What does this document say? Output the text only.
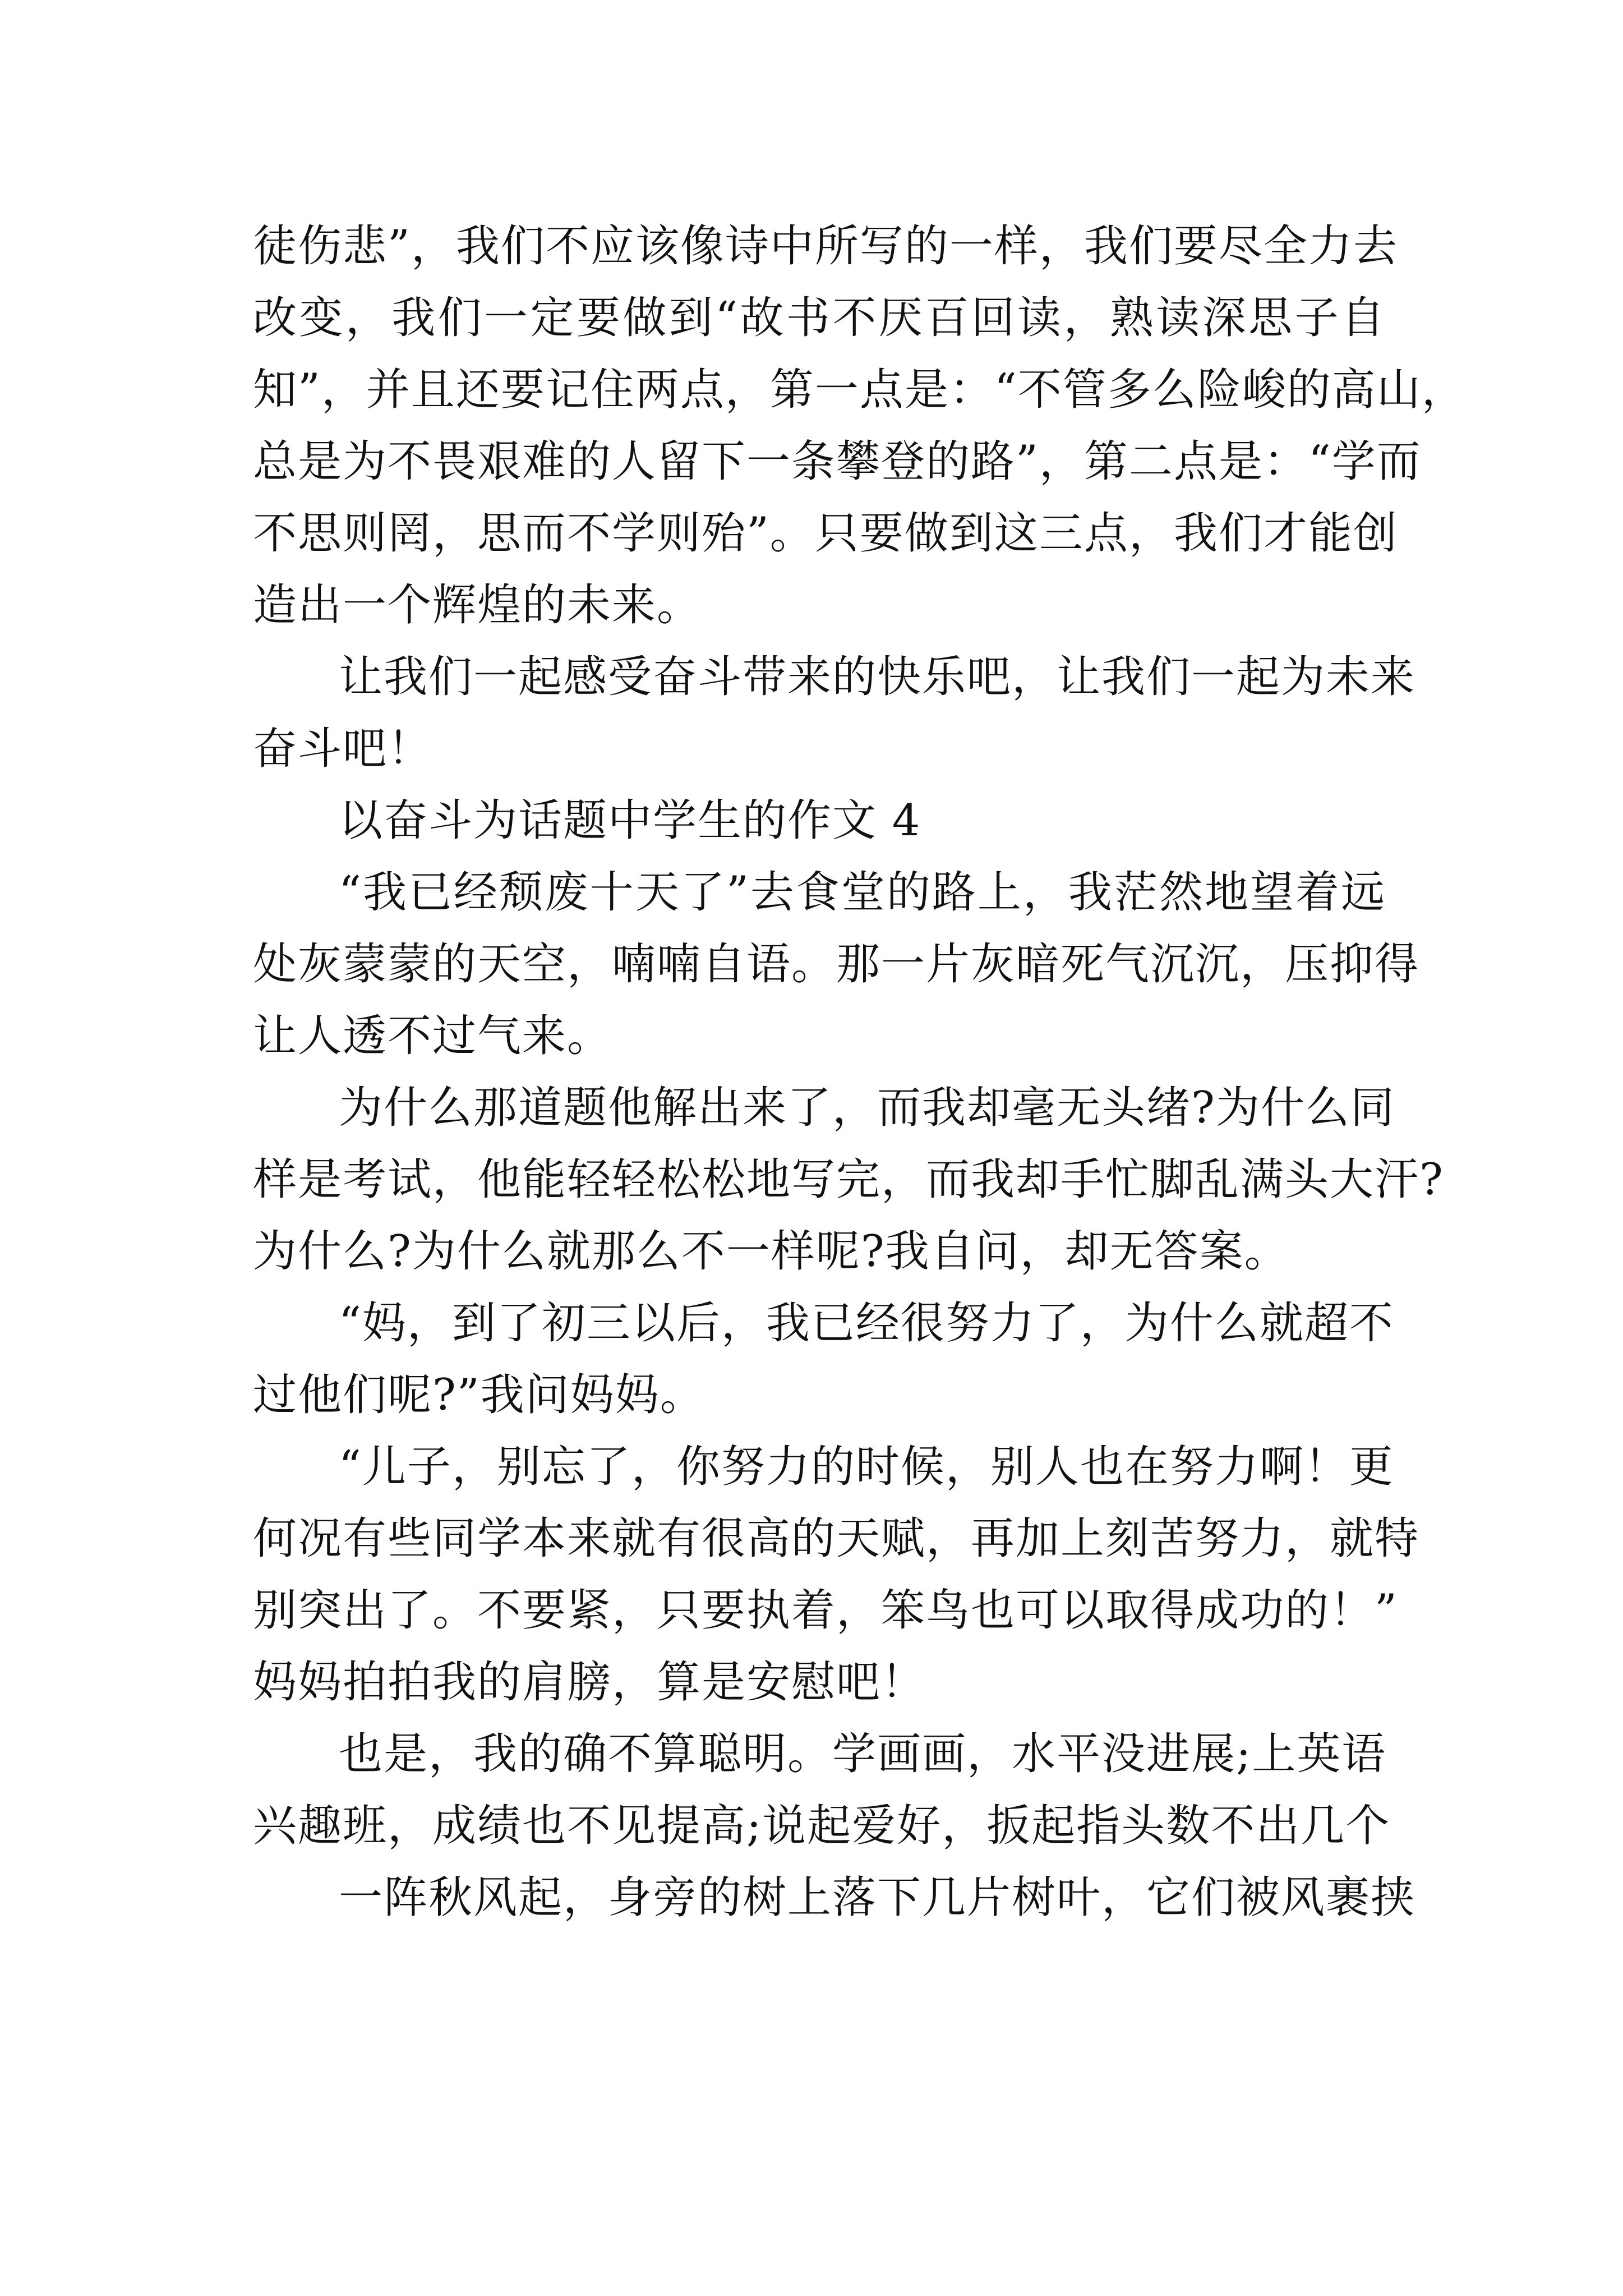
徒伤悲”，我们不应该像诗中所写的一样，我们要尽全力去
改变，我们一定要做到“故书不厌百回读，熟读深思子自
知”，并且还要记住两点，第一点是：“不管多么险峻的高山，
总是为不畏艰难的人留下一条攀登的路”，第二点是：“学而
不思则罔，思而不学则殆”。只要做到这三点，我们才能创
造出一个辉煌的未来。
让我们一起感受奋斗带来的快乐吧，让我们一起为未来
奋斗吧！
以奋斗为话题中学生的作文 4
“我已经颓废十天了”去食堂的路上，我茫然地望着远
处灰蒙蒙的天空，喃喃自语。那一片灰暗死气沉沉，压抑得
让人透不过气来。
为什么那道题他解出来了，而我却毫无头绪?为什么同
样是考试，他能轻轻松松地写完，而我却手忙脚乱满头大汗?
为什么?为什么就那么不一样呢?我自问，却无答案。
“妈，到了初三以后，我已经很努力了，为什么就超不
过他们呢?”我问妈妈。
“儿子，别忘了，你努力的时候，别人也在努力啊！更
何况有些同学本来就有很高的天赋，再加上刻苦努力，就特
别突出了。不要紧，只要执着，笨鸟也可以取得成功的！”
妈妈拍拍我的肩膀，算是安慰吧！
也是，我的确不算聪明。学画画，水平没进展;上英语
兴趣班，成绩也不见提高;说起爱好，扳起指头数不出几个
一阵秋风起，身旁的树上落下几片树叶，它们被风裹挟
